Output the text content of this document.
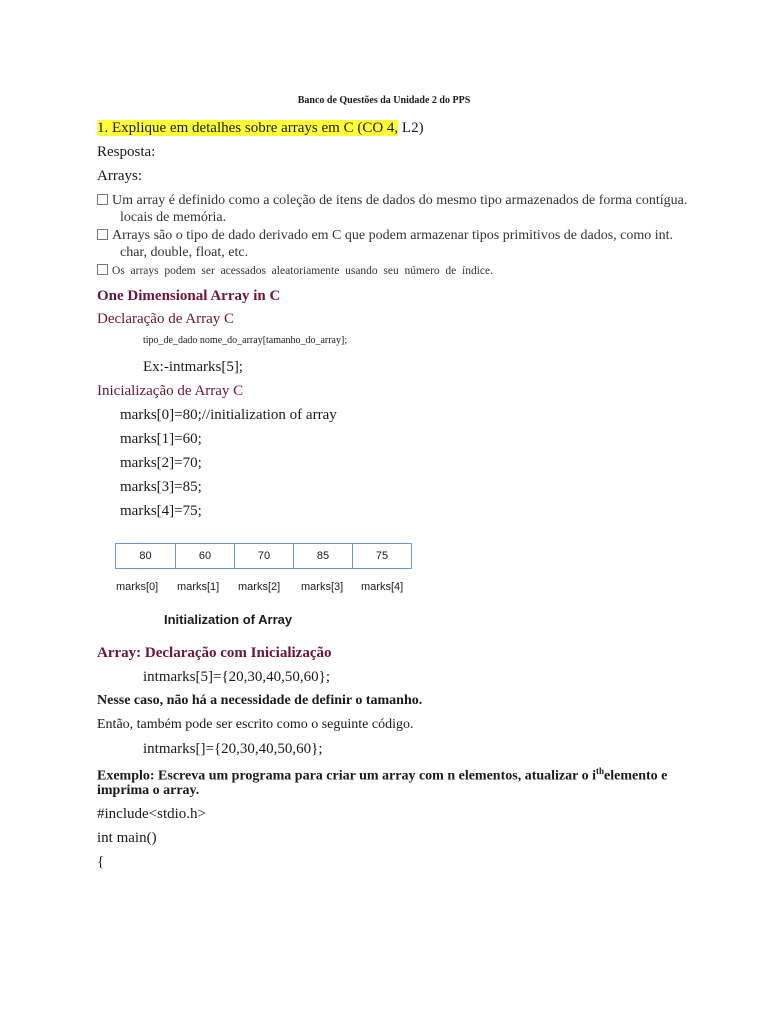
Banco de Questões da Unidade 2 do PPS
1. Explique em detalhes sobre arrays em C (CO 4, L2)
Resposta:
Arrays:
Um array é definido como a coleção de itens de dados do mesmo tipo armazenados de forma contígua.
locais de memória.
Arrays são o tipo de dado derivado em C que podem armazenar tipos primitivos de dados, como int.
char, double, float, etc.
Os  arrays  podem  ser  acessados  aleatoriamente  usando  seu  número  de  índice.
One Dimensional Array in C
Declaração de Array C
tipo_de_dado nome_do_array[tamanho_do_array];
Ex:-intmarks[5];
Inicialização de Array C
marks[0]=80;//initialization of array
marks[1]=60;
marks[2]=70;
marks[3]=85;
marks[4]=75;
80	60	70	85	75
marks[0] marks[1] marks[2] marks[3] marks[4]
Initialization of Array
Array: Declaração com Inicialização
intmarks[5]={20,30,40,50,60};
Nesse caso, não há a necessidade de definir o tamanho.
Então, também pode ser escrito como o seguinte código.
intmarks[]={20,30,40,50,60};
Exemplo: Escreva um programa para criar um array com n elementos, atualizar o $i^{th}elemento$ e
imprima o array.
#include<stdio.h>
int main()
{
